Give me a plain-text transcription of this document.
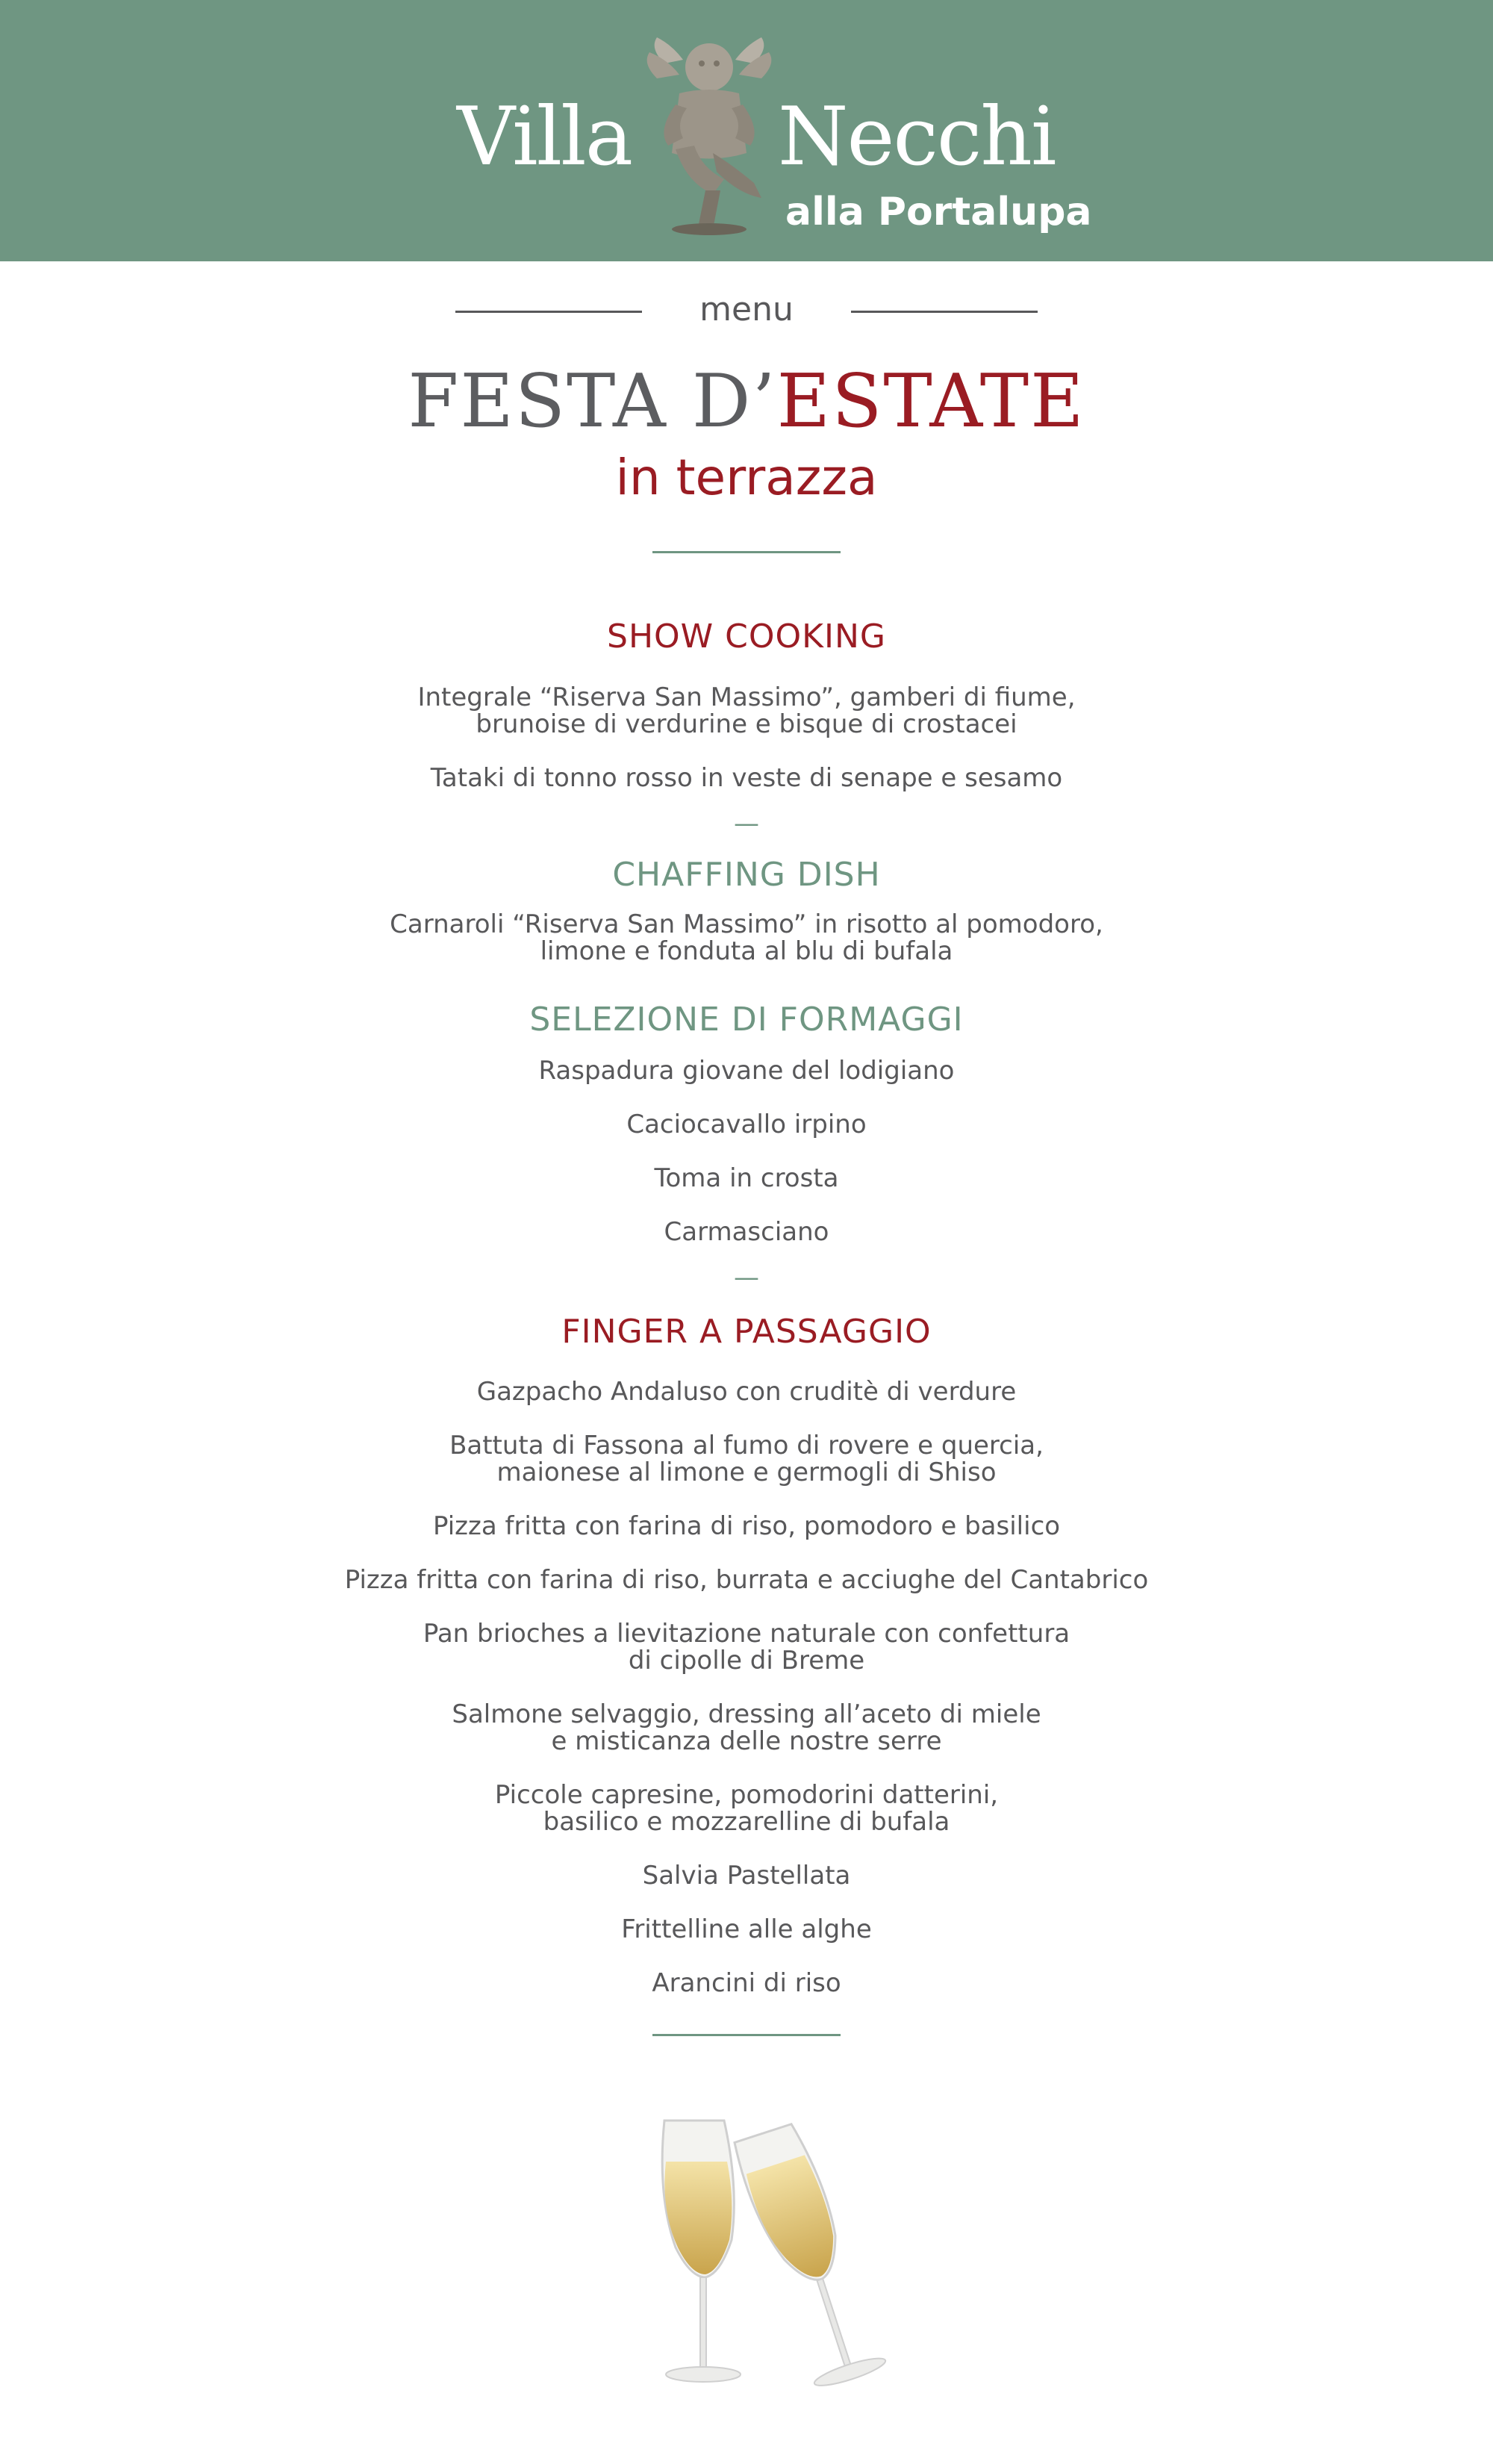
Villa Necchi
alla Portalupa
menu
FESTA D’ESTATE
in terrazza
SHOW COOKING
Integrale “Riserva San Massimo”, gamberi di fiume,
brunoise di verdurine e bisque di crostacei
Tataki di tonno rosso in veste di senape e sesamo
—
CHAFFING DISH
Carnaroli “Riserva San Massimo” in risotto al pomodoro,
limone e fonduta al blu di bufala
SELEZIONE DI FORMAGGI
Raspadura giovane del lodigiano
Caciocavallo irpino
Toma in crosta
Carmasciano
—
FINGER A PASSAGGIO
Gazpacho Andaluso con cruditè di verdure
Battuta di Fassona al fumo di rovere e quercia,
maionese al limone e germogli di Shiso
Pizza fritta con farina di riso, pomodoro e basilico
Pizza fritta con farina di riso, burrata e acciughe del Cantabrico
Pan brioches a lievitazione naturale con confettura
di cipolle di Breme
Salmone selvaggio, dressing all’aceto di miele
e misticanza delle nostre serre
Piccole capresine, pomodorini datterini,
basilico e mozzarelline di bufala
Salvia Pastellata
Frittelline alle alghe
Arancini di riso
